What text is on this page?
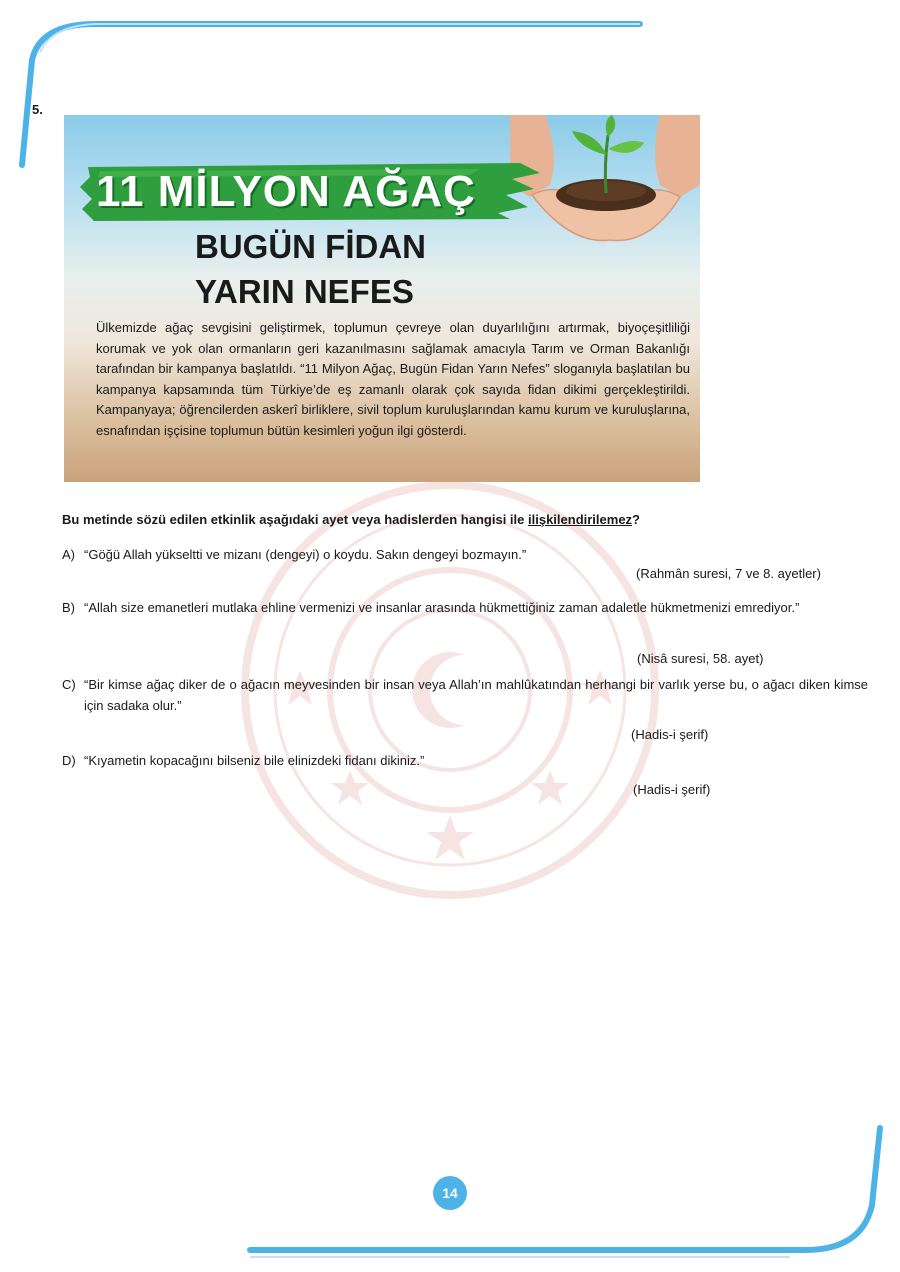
5.
11 MİLYON AĞAÇ
BUGÜN FİDAN
YARIN NEFES
Ülkemizde ağaç sevgisini geliştirmek, toplumun çevreye olan duyarlılığını artırmak, biyoçeşitliliği korumak ve yok olan ormanların geri kazanılmasını sağlamak amacıyla Tarım ve Orman Bakanlığı tarafından bir kampanya başlatıldı. “11 Milyon Ağaç, Bugün Fidan Yarın Nefes” sloganıyla başlatılan bu kampanya kapsamında tüm Türkiye’de eş zamanlı olarak çok sayıda fidan dikimi gerçekleştirildi. Kampanyaya; öğrencilerden askerî birliklere, sivil toplum kuruluşlarından kamu kurum ve kuruluşlarına, esnafından işçisine toplumun bütün kesimleri yoğun ilgi gösterdi.
Bu metinde sözü edilen etkinlik aşağıdaki ayet veya hadislerden hangisi ile ilişkilendirilemez?
A) “Göğü Allah yükseltti ve mizanı (dengeyi) o koydu. Sakın dengeyi bozmayın.”
(Rahmân suresi, 7 ve 8. ayetler)
B) “Allah size emanetleri mutlaka ehline vermenizi ve insanlar arasında hükmettiğiniz zaman adaletle hükmetmenizi emrediyor.”
(Nisâ suresi, 58. ayet)
C) “Bir kimse ağaç diker de o ağacın meyvesinden bir insan veya Allah’ın mahlûkatından herhangi bir varlık yerse bu, o ağacı diken kimse için sadaka olur.”
(Hadis-i şerif)
D) “Kıyametin kopacağını bilseniz bile elinizdeki fidanı dikiniz.”
(Hadis-i şerif)
14
